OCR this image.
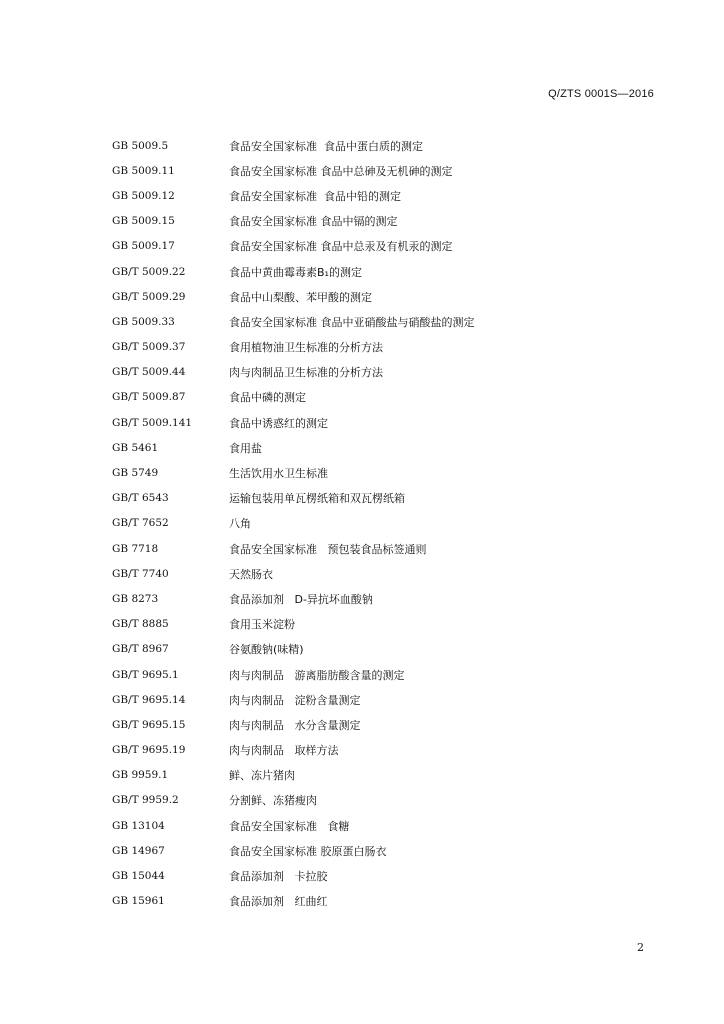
Q/ZTS 0001S—2016
GB 5009.5	食品安全国家标准  食品中蛋白质的测定
GB 5009.11	食品安全国家标准 食品中总砷及无机砷的测定
GB 5009.12	食品安全国家标准  食品中铅的测定
GB 5009.15	食品安全国家标准 食品中镉的测定
GB 5009.17	食品安全国家标准 食品中总汞及有机汞的测定
GB/T 5009.22	食品中黄曲霉毒素B₁的测定
GB/T 5009.29	食品中山梨酸、苯甲酸的测定
GB 5009.33	食品安全国家标准 食品中亚硝酸盐与硝酸盐的测定
GB/T 5009.37	食用植物油卫生标准的分析方法
GB/T 5009.44	肉与肉制品卫生标准的分析方法
GB/T 5009.87	食品中磷的测定
GB/T 5009.141	食品中诱惑红的测定
GB 5461	食用盐
GB 5749	生活饮用水卫生标准
GB/T 6543	运输包装用单瓦楞纸箱和双瓦楞纸箱
GB/T 7652	八角
GB 7718	食品安全国家标准   预包装食品标签通则
GB/T 7740	天然肠衣
GB 8273	食品添加剂   D-异抗坏血酸钠
GB/T 8885	食用玉米淀粉
GB/T 8967	谷氨酸钠(味精)
GB/T 9695.1	肉与肉制品   游离脂肪酸含量的测定
GB/T 9695.14	肉与肉制品   淀粉含量测定
GB/T 9695.15	肉与肉制品   水分含量测定
GB/T 9695.19	肉与肉制品   取样方法
GB 9959.1	鲜、冻片猪肉
GB/T 9959.2	分割鲜、冻猪瘦肉
GB 13104	食品安全国家标准   食糖
GB 14967	食品安全国家标准 胶原蛋白肠衣
GB 15044	食品添加剂   卡拉胶
GB 15961	食品添加剂   红曲红
2
